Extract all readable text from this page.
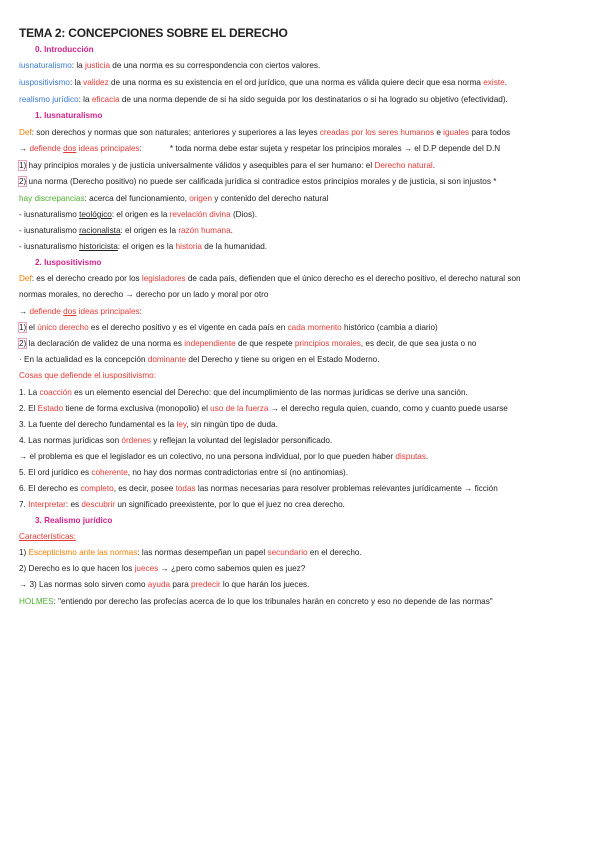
TEMA 2: CONCEPCIONES SOBRE EL DERECHO
0. Introducción
iusnaturalismo: la justicia de una norma es su correspondencia con ciertos valores.
iuspositivismo: la validez de una norma es su existencia en el ord jurídico, que una norma es válida quiere decir que esa norma existe.
realismo jurídico: la eficacia de una norma depende de si ha sido seguida por los destinatarios o si ha logrado su objetivo (efectividad).
1. Iusnaturalismo
Def: son derechos y normas que son naturales; anteriores y superiores a las leyes creadas por los seres humanos e iguales para todos
→ defiende dos ideas principales:	* toda norma debe estar sujeta y respetar los principios morales → el D.P depende del D.N
1) hay principios morales y de justicia universalmente válidos y asequibles para el ser humano: el Derecho natural.
2) una norma (Derecho positivo) no puede ser calificada jurídica si contradice estos principios morales y de justicia, si son injustos *
hay discrepancias: acerca del funcionamiento, origen y contenido del derecho natural
- iusnaturalismo teológico: el origen es la revelación divina (Dios).
- iusnaturalismo racionalista: el origen es la razón humana.
- iusnaturalismo historicista: el origen es la historia de la humanidad.
2. Iuspositivismo
Def: es el derecho creado por los legisladores de cada país, defienden que el único derecho es el derecho positivo, el derecho natural son
normas morales, no derecho → derecho por un lado y moral por otro
→ defiende dos ideas principales:
1) el único derecho es el derecho positivo y es el vigente en cada país en cada momento histórico (cambia a diario)
2) la declaración de validez de una norma es independiente de que respete principios morales, es decir, de que sea justa o no
· En la actualidad es la concepción dominante del Derecho y tiene su origen en el Estado Moderno.
Cosas que defiende el iuspositivismo:
1. La coacción es un elemento esencial del Derecho: que del incumplimiento de las normas jurídicas se derive una sanción.
2. El Estado tiene de forma exclusiva (monopolio) el uso de la fuerza → el derecho regula quien, cuando, como y cuanto puede usarse
3. La fuente del derecho fundamental es la ley, sin ningún tipo de duda.
4. Las normas jurídicas son órdenes y reflejan la voluntad del legislador personificado.
→ el problema es que el legislador es un colectivo, no una persona individual, por lo que pueden haber disputas.
5. El ord jurídico es coherente, no hay dos normas contradictorias entre sí (no antinomias).
6. El derecho es completo, es decir, posee todas las normas necesarias para resolver problemas relevantes jurídicamente → ficción
7. Interpretar: es descubrir un significado preexistente, por lo que el juez no crea derecho.
3. Realismo jurídico
Características:
1) Escepticismo ante las normas: las normas desempeñan un papel secundario en el derecho.
2) Derecho es lo que hacen los jueces → ¿pero como sabemos quien es juez?
→ 3) Las normas solo sirven como ayuda para predecir lo que harán los jueces.
HOLMES: "entiendo por derecho las profecías acerca de lo que los tribunales harán en concreto y eso no depende de las normas"
